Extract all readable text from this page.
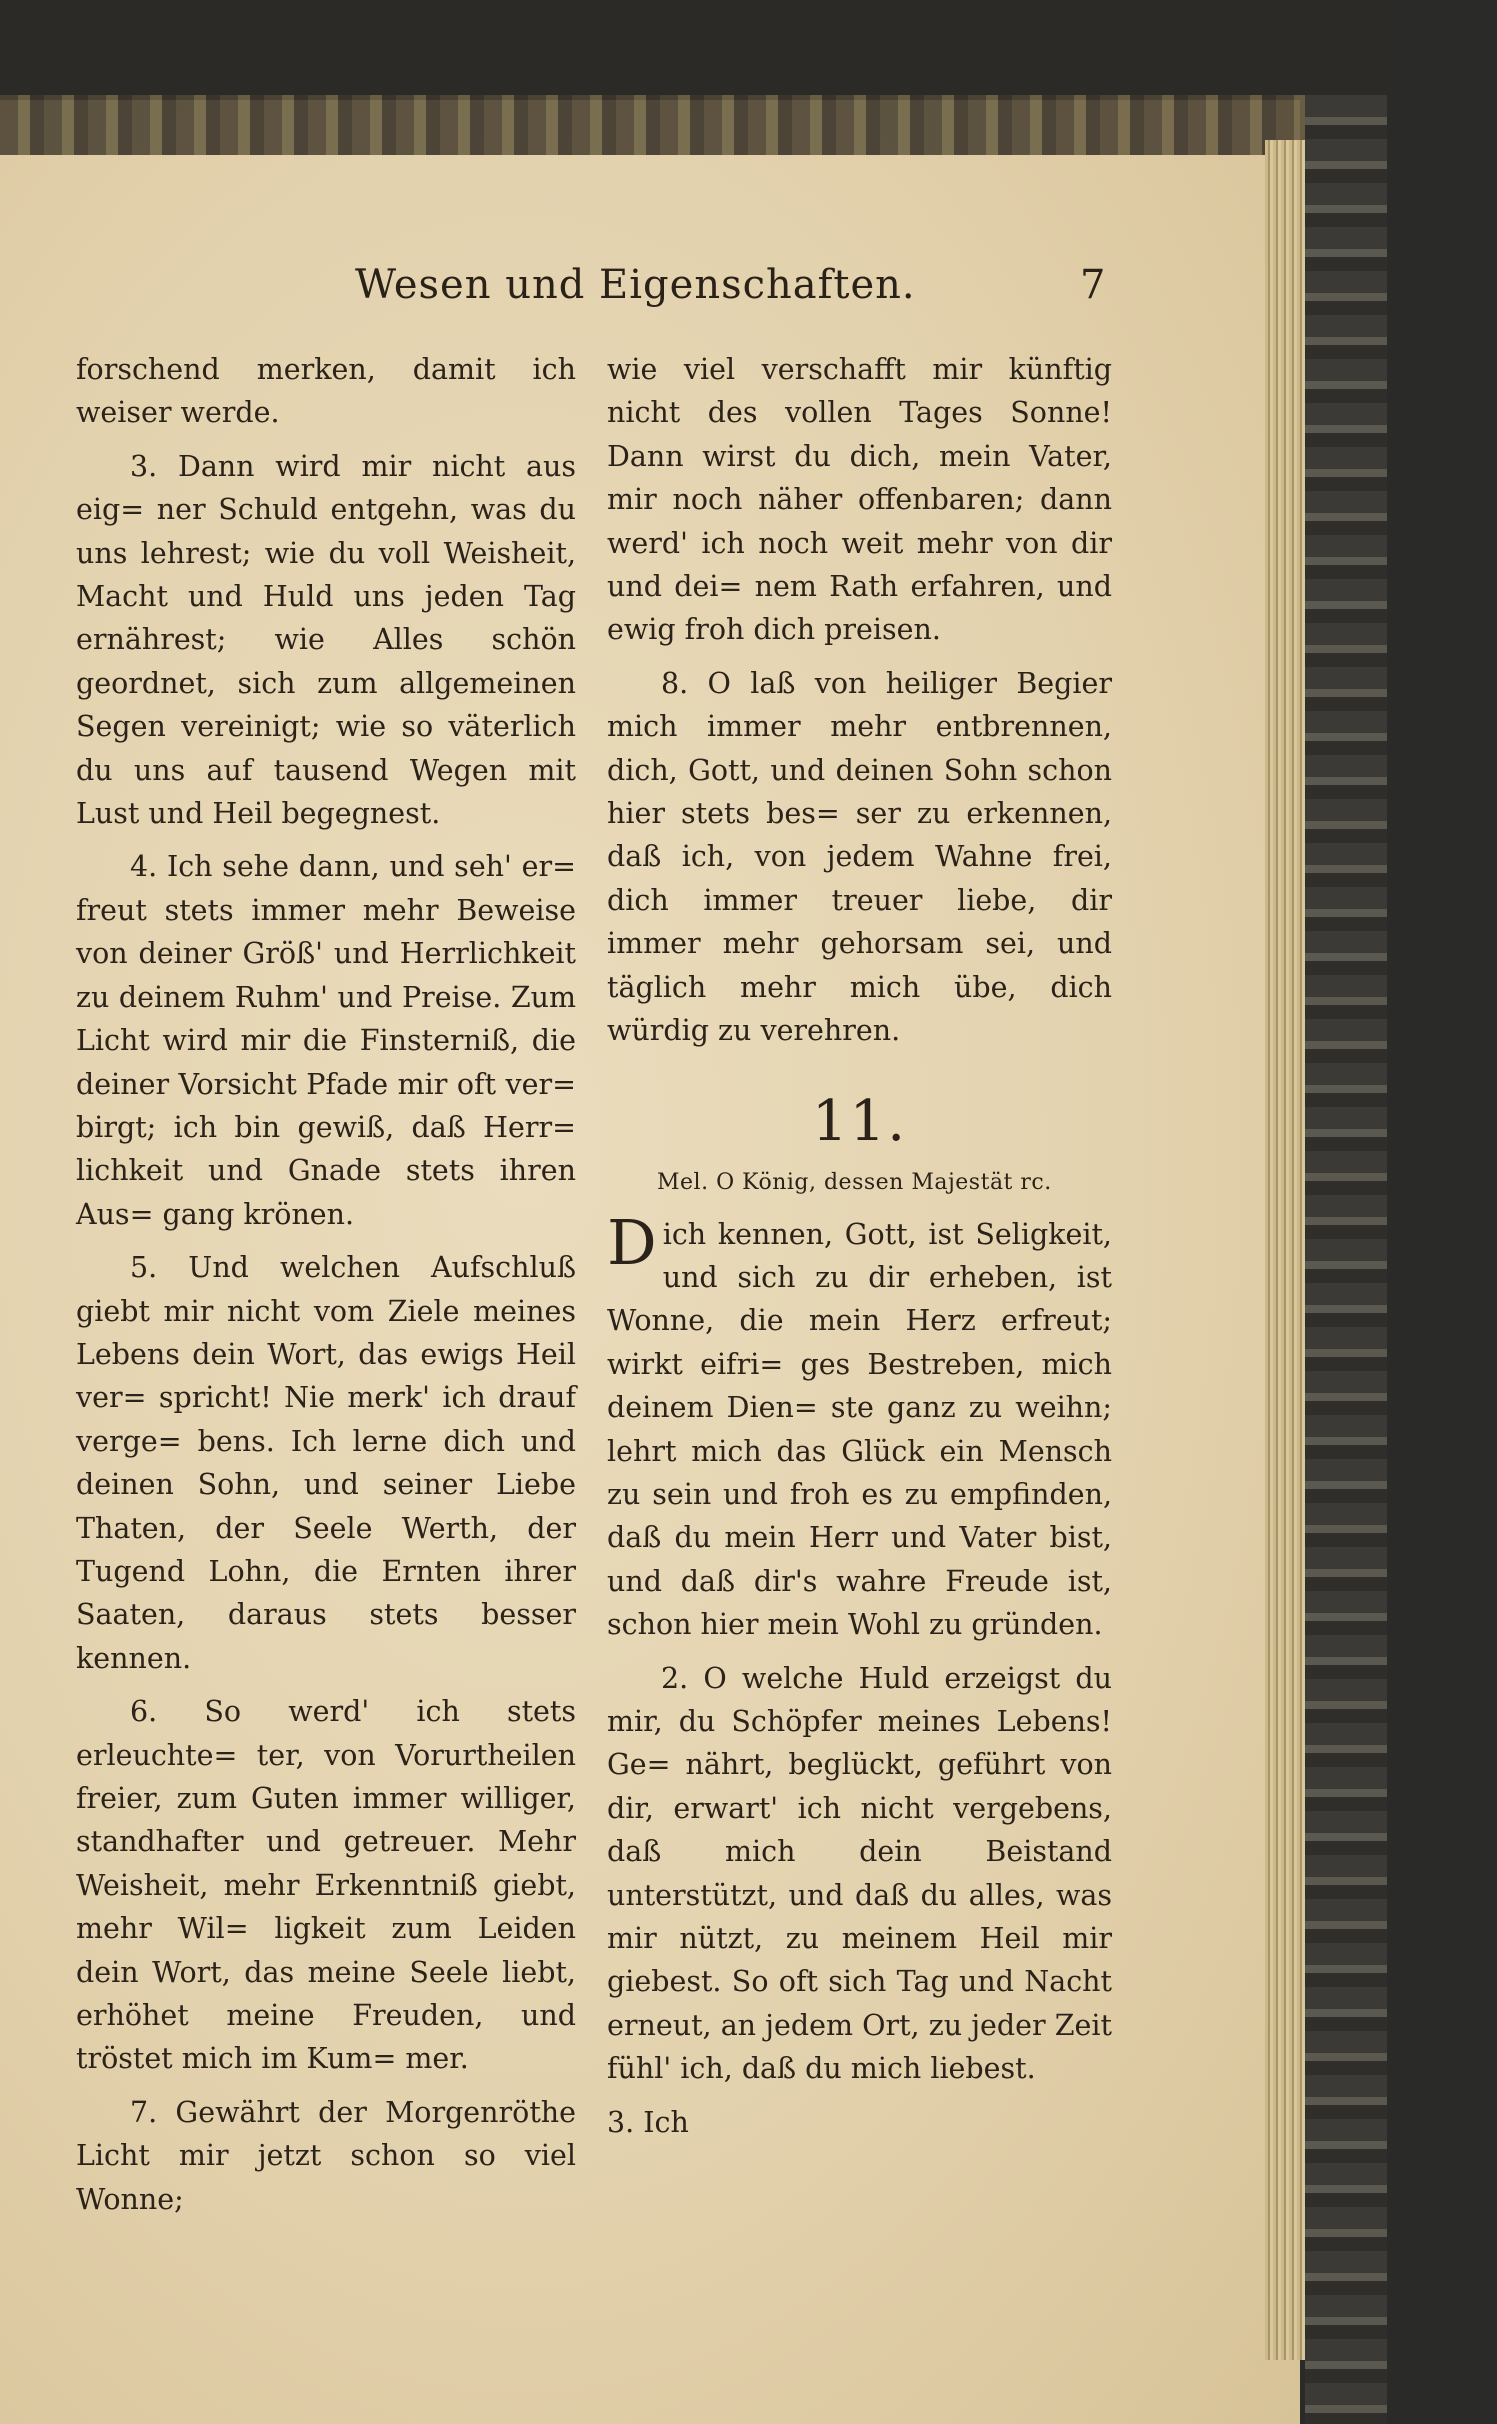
Wesen und Eigenschaften.	7

forschend merken, damit ich weiser werde.

3. Dann wird mir nicht aus eig= ner Schuld entgehn, was du uns lehrest; wie du voll Weisheit, Macht und Huld uns jeden Tag ernährest; wie Alles schön geordnet, sich zum allgemeinen Segen vereinigt; wie so väterlich du uns auf tausend Wegen mit Lust und Heil begegnest.

4. Ich sehe dann, und seh' er= freut stets immer mehr Beweise von deiner Größ' und Herrlichkeit zu deinem Ruhm' und Preise. Zum Licht wird mir die Finsterniß, die deiner Vorsicht Pfade mir oft ver= birgt; ich bin gewiß, daß Herr= lichkeit und Gnade stets ihren Aus= gang krönen.

5. Und welchen Aufschluß giebt mir nicht vom Ziele meines Lebens dein Wort, das ewigs Heil ver= spricht! Nie merk' ich drauf verge= bens. Ich lerne dich und deinen Sohn, und seiner Liebe Thaten, der Seele Werth, der Tugend Lohn, die Ernten ihrer Saaten, daraus stets besser kennen.

6. So werd' ich stets erleuchte= ter, von Vorurtheilen freier, zum Guten immer williger, standhafter und getreuer. Mehr Weisheit, mehr Erkenntniß giebt, mehr Wil= ligkeit zum Leiden dein Wort, das meine Seele liebt, erhöhet meine Freuden, und tröstet mich im Kum= mer.

7. Gewährt der Morgenröthe Licht mir jetzt schon so viel Wonne;

wie viel verschafft mir künftig nicht des vollen Tages Sonne! Dann wirst du dich, mein Vater, mir noch näher offenbaren; dann werd' ich noch weit mehr von dir und dei= nem Rath erfahren, und ewig froh dich preisen.

8. O laß von heiliger Begier mich immer mehr entbrennen, dich, Gott, und deinen Sohn schon hier stets bes= ser zu erkennen, daß ich, von jedem Wahne frei, dich immer treuer liebe, dir immer mehr gehorsam sei, und täglich mehr mich übe, dich würdig zu verehren.

11.

Mel. O König, dessen Majestät rc.

Dich kennen, Gott, ist Seligkeit, und sich zu dir erheben, ist Wonne, die mein Herz erfreut; wirkt eifri= ges Bestreben, mich deinem Dien= ste ganz zu weihn; lehrt mich das Glück ein Mensch zu sein und froh es zu empfinden, daß du mein Herr und Vater bist, und daß dir's wahre Freude ist, schon hier mein Wohl zu gründen.

2. O welche Huld erzeigst du mir, du Schöpfer meines Lebens! Ge= nährt, beglückt, geführt von dir, erwart' ich nicht vergebens, daß mich dein Beistand unterstützt, und daß du alles, was mir nützt, zu meinem Heil mir giebest. So oft sich Tag und Nacht erneut, an jedem Ort, zu jeder Zeit fühl' ich, daß du mich liebest.

3. Ich
